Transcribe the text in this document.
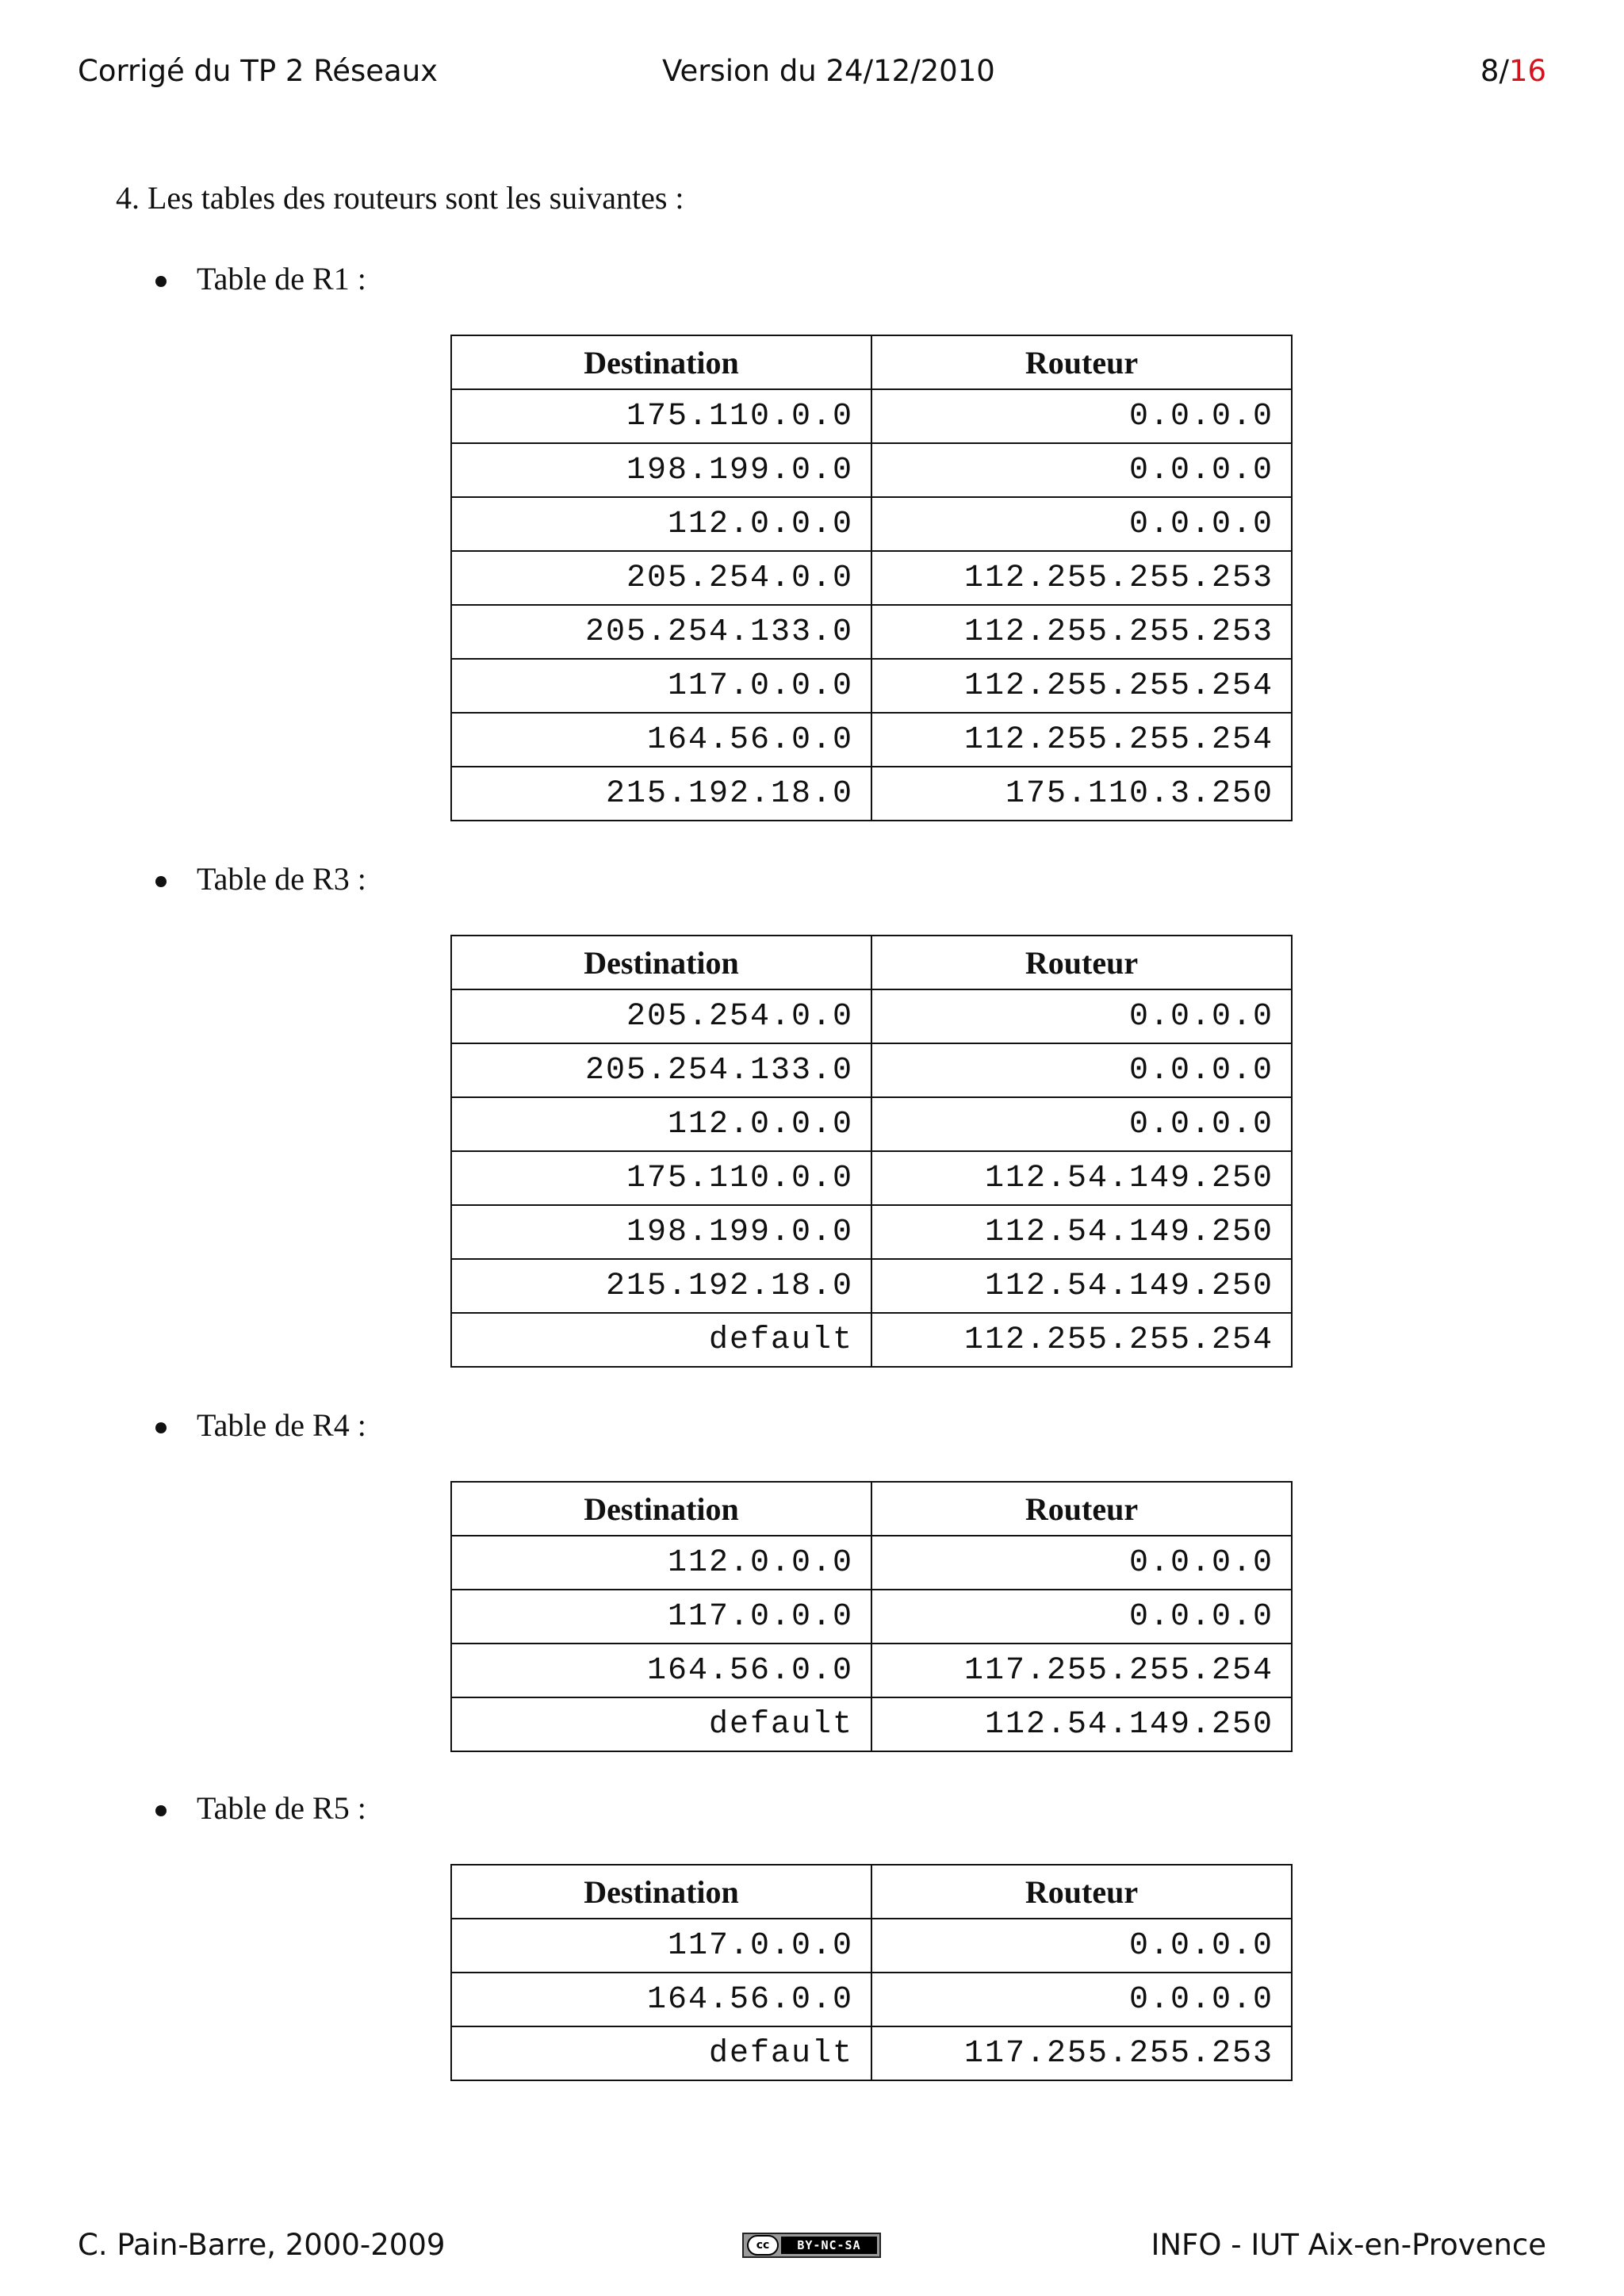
Corrigé du TP 2 Réseaux	Version du 24/12/2010	8/16
4. Les tables des routeurs sont les suivantes :
Table de R1 :
Destination	Routeur
175.110.0.0	0.0.0.0
198.199.0.0	0.0.0.0
112.0.0.0	0.0.0.0
205.254.0.0	112.255.255.253
205.254.133.0	112.255.255.253
117.0.0.0	112.255.255.254
164.56.0.0	112.255.255.254
215.192.18.0	175.110.3.250
Table de R3 :
Destination	Routeur
205.254.0.0	0.0.0.0
205.254.133.0	0.0.0.0
112.0.0.0	0.0.0.0
175.110.0.0	112.54.149.250
198.199.0.0	112.54.149.250
215.192.18.0	112.54.149.250
default	112.255.255.254
Table de R4 :
Destination	Routeur
112.0.0.0	0.0.0.0
117.0.0.0	0.0.0.0
164.56.0.0	117.255.255.254
default	112.54.149.250
Table de R5 :
Destination	Routeur
117.0.0.0	0.0.0.0
164.56.0.0	0.0.0.0
default	117.255.255.253
C. Pain-Barre, 2000-2009	cc	BY-NC-SA	INFO - IUT Aix-en-Provence
